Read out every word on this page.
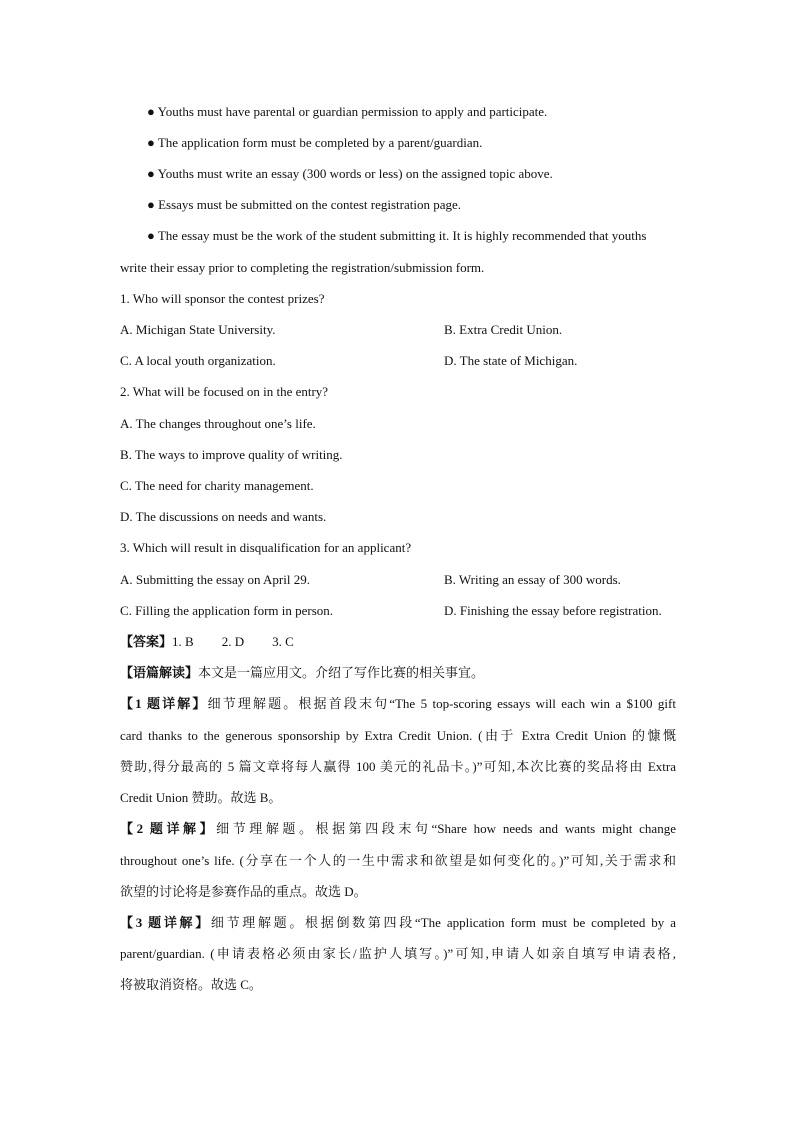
● Youths must have parental or guardian permission to apply and participate.
● The application form must be completed by a parent/guardian.
● Youths must write an essay (300 words or less) on the assigned topic above.
● Essays must be submitted on the contest registration page.
● The essay must be the work of the student submitting it. It is highly recommended that youths
write their essay prior to completing the registration/submission form.
1. Who will sponsor the contest prizes?
A. Michigan State University.	B. Extra Credit Union.
C. A local youth organization.	D. The state of Michigan.
2. What will be focused on in the entry?
A. The changes throughout one’s life.
B. The ways to improve quality of writing.
C. The need for charity management.
D. The discussions on needs and wants.
3. Which will result in disqualification for an applicant?
A. Submitting the essay on April 29.	B. Writing an essay of 300 words.
C. Filling the application form in person.	D. Finishing the essay before registration.
【答案】1. B 2. D 3. C
【语篇解读】本文是一篇应用文。介绍了写作比赛的相关事宜。
【1 题详解】细节理解题。根据首段末句“The 5 top-scoring essays will each win a $100 gift
card thanks to the generous sponsorship by Extra Credit Union. (由于 Extra Credit Union 的慷慨
赞助,得分最高的 5 篇文章将每人赢得 100 美元的礼品卡。)”可知,本次比赛的奖品将由 Extra
Credit Union 赞助。故选 B。
【2 题详解】细节理解题。根据第四段末句“Share how needs and wants might change
throughout one’s life. (分享在一个人的一生中需求和欲望是如何变化的。)”可知,关于需求和
欲望的讨论将是参赛作品的重点。故选 D。
【3 题详解】细节理解题。根据倒数第四段“The application form must be completed by a
parent/guardian. (申请表格必须由家长/监护人填写。)”可知,申请人如亲自填写申请表格,
将被取消资格。故选 C。
